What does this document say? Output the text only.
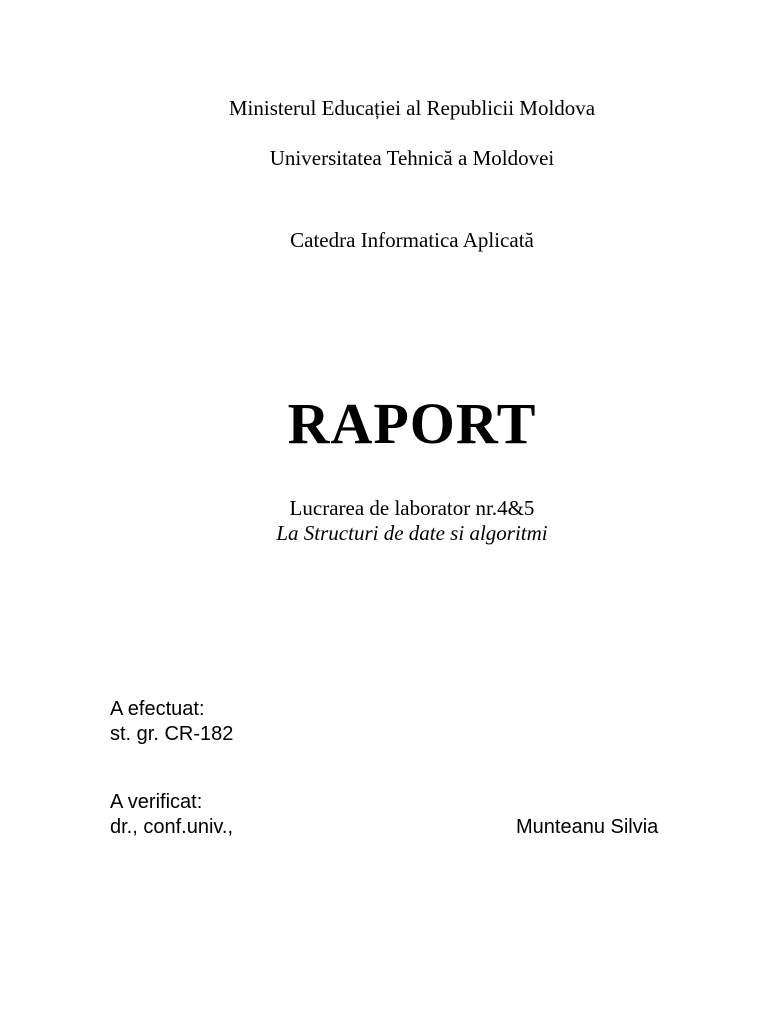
Ministerul Educației al Republicii Moldova
Universitatea Tehnică a Moldovei
Catedra Informatica Aplicată
RAPORT
Lucrarea de laborator nr.4&5
La Structuri de date si algoritmi
A efectuat:
st. gr. CR-182
A verificat:
dr., conf.univ.,	Munteanu Silvia
